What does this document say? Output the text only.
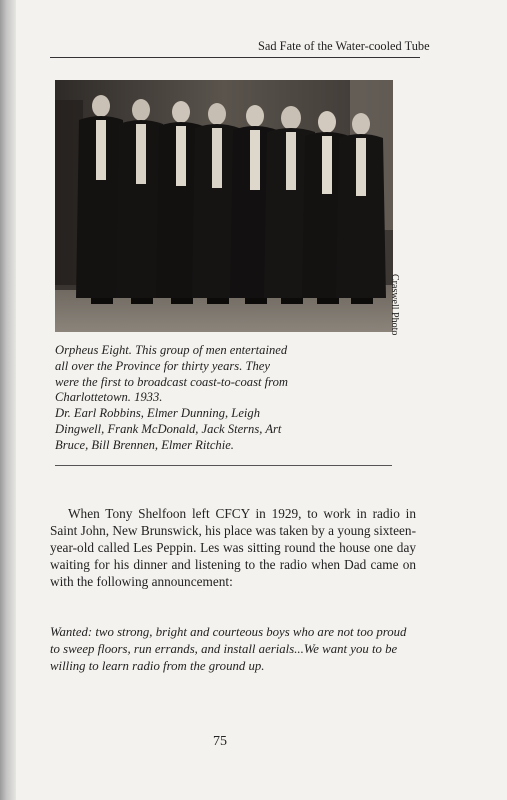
Sad Fate of the Water-cooled Tube
Craswell Photo
Orpheus Eight. This group of men entertained
all over the Province for thirty years. They
were the first to broadcast coast-to-coast from
Charlottetown. 1933.
Dr. Earl Robbins, Elmer Dunning, Leigh
Dingwell, Frank McDonald, Jack Sterns, Art
Bruce, Bill Brennen, Elmer Ritchie.
When Tony Shelfoon left CFCY in 1929, to work in radio in Saint John, New Brunswick, his place was taken by a young sixteen-year-old called Les Peppin. Les was sitting round the house one day waiting for his dinner and listening to the radio when Dad came on with the following announcement:
Wanted: two strong, bright and courteous boys who are not too proud to sweep floors, run errands, and install aerials...We want you to be willing to learn radio from the ground up.
75
